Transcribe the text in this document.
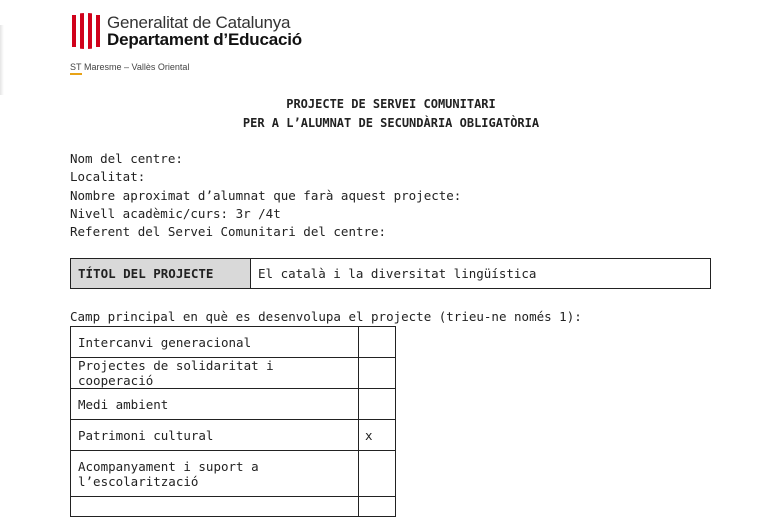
Generalitat de Catalunya
Departament d’Educació
ST Maresme – Vallès Oriental
PROJECTE DE SERVEI COMUNITARI
PER A L’ALUMNAT DE SECUNDÀRIA OBLIGATÒRIA
Nom del centre:
Localitat:
Nombre aproximat d’alumnat que farà aquest projecte:
Nivell acadèmic/curs: 3r /4t
Referent del Servei Comunitari del centre:
TÍTOL DEL PROJECTE	El català i la diversitat lingüística
Camp principal en què es desenvolupa el projecte (trieu-ne només 1):
Intercanvi generacional	
Projectes de solidaritat i cooperació	
Medi ambient	
Patrimoni cultural	x
Acompanyament i suport a l’escolarització	
